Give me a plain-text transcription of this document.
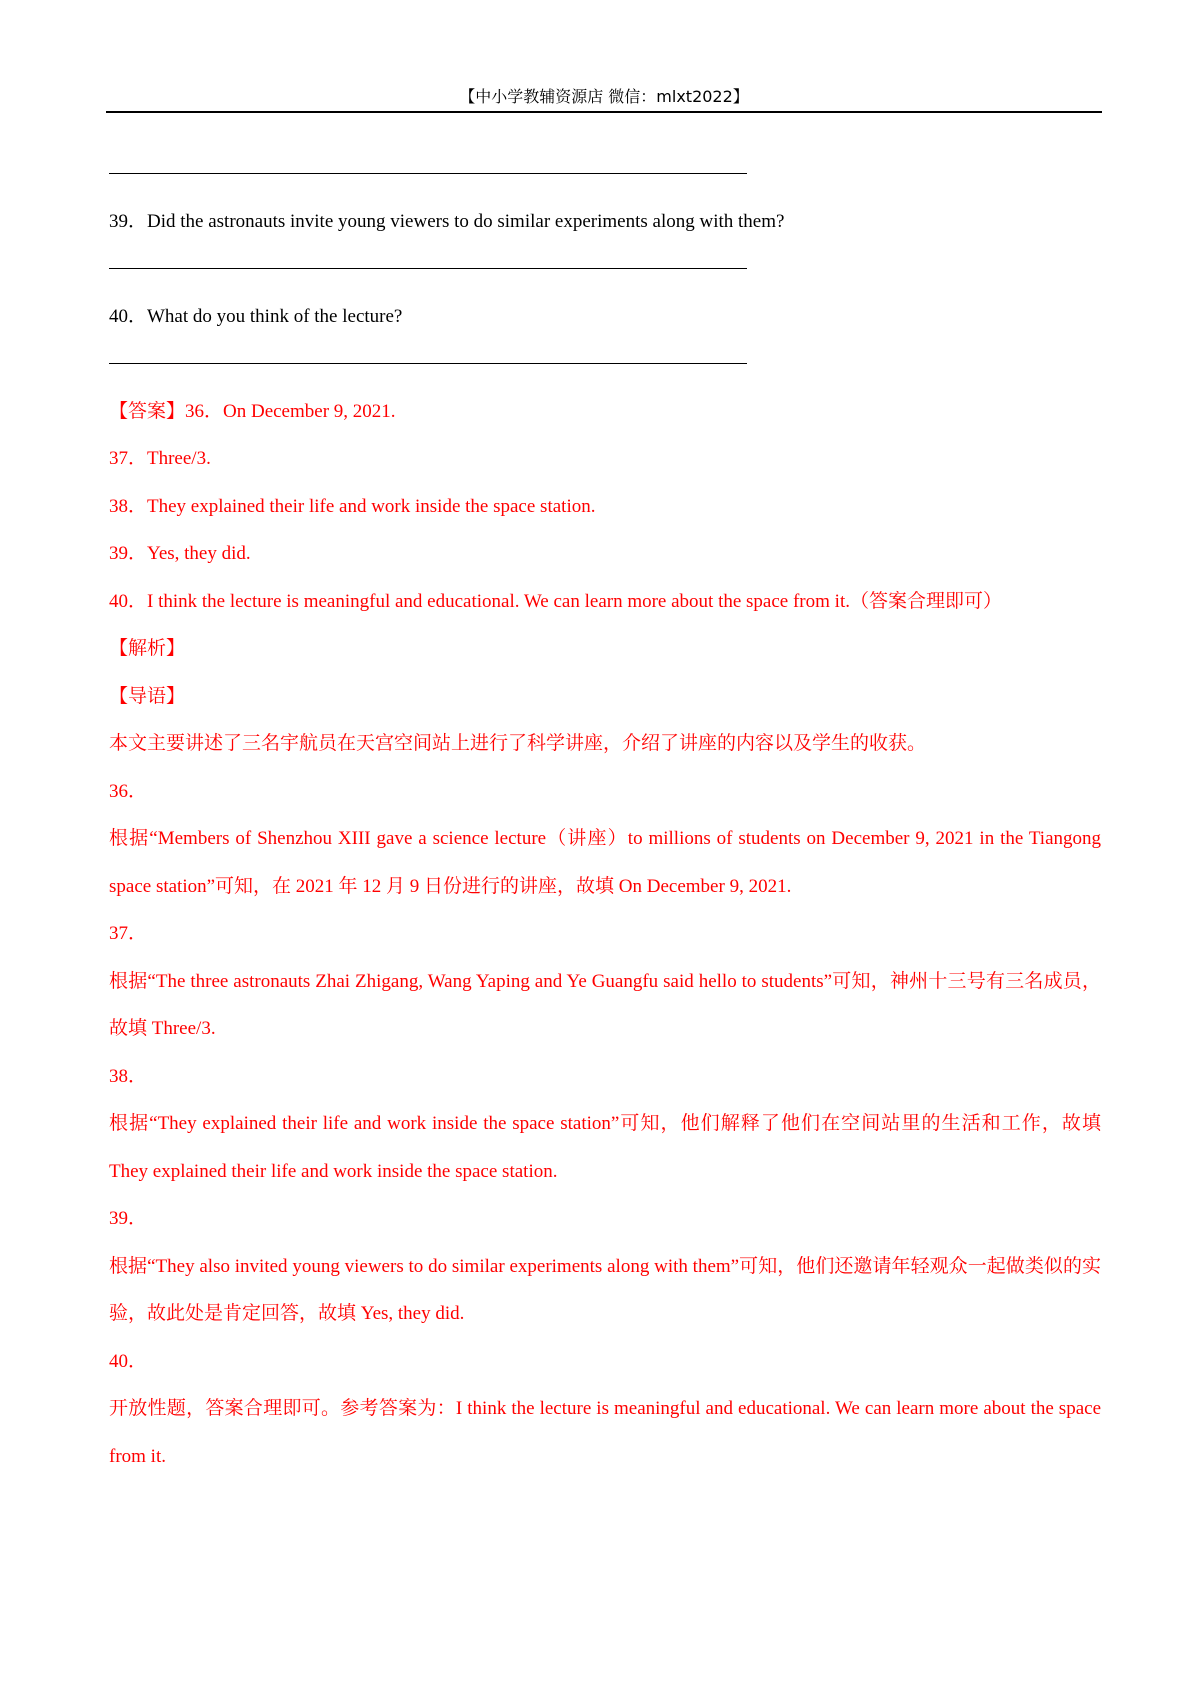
【中小学教辅资源店 微信：mlxt2022】
39．Did the astronauts invite young viewers to do similar experiments along with them?
40．What do you think of the lecture?
【答案】36．On December 9, 2021.
37．Three/3.
38．They explained their life and work inside the space station.
39．Yes, they did.
40．I think the lecture is meaningful and educational. We can learn more about the space from it.（答案合理即可）
【解析】
【导语】
本文主要讲述了三名宇航员在天宫空间站上进行了科学讲座，介绍了讲座的内容以及学生的收获。
36．
根据“Members of Shenzhou XIII gave a science lecture（讲座）to millions of students on December 9, 2021 in the Tiangong space station”可知，在 2021 年 12 月 9 日份进行的讲座，故填 On December 9, 2021.
37．
根据“The three astronauts Zhai Zhigang, Wang Yaping and Ye Guangfu said hello to students”可知，神州十三号有三名成员，故填 Three/3.
38．
根据“They explained their life and work inside the space station”可知，他们解释了他们在空间站里的生活和工作，故填 They explained their life and work inside the space station.
39．
根据“They also invited young viewers to do similar experiments along with them”可知，他们还邀请年轻观众一起做类似的实验，故此处是肯定回答，故填 Yes, they did.
40．
开放性题，答案合理即可。参考答案为：I think the lecture is meaningful and educational. We can learn more about the space from it.
